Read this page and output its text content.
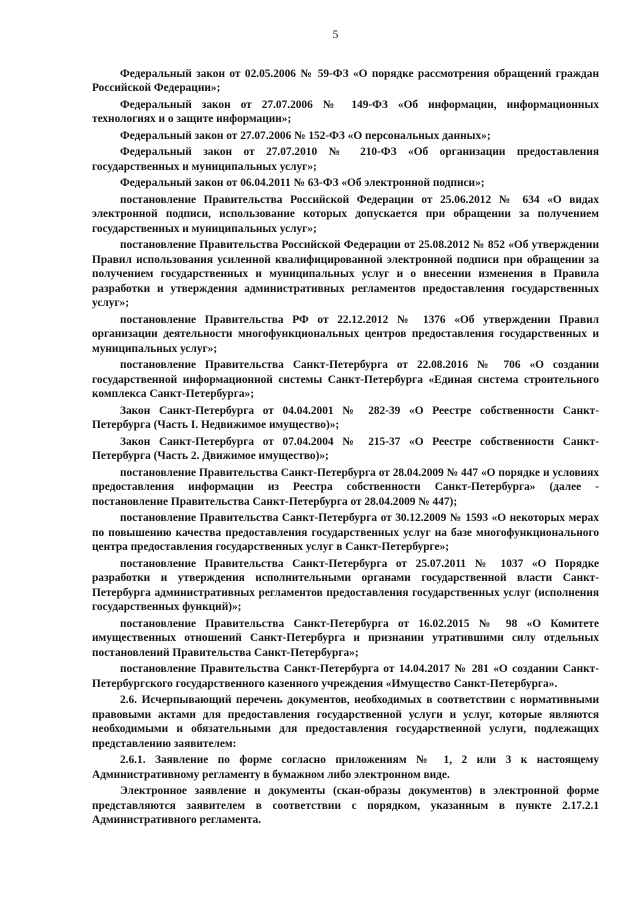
5

Федеральный закон от 02.05.2006 № 59-ФЗ «О порядке рассмотрения обращений граждан Российской Федерации»;

Федеральный закон от 27.07.2006 № 149-ФЗ «Об информации, информационных технологиях и о защите информации»;

Федеральный закон от 27.07.2006 № 152-ФЗ «О персональных данных»;

Федеральный закон от 27.07.2010 № 210-ФЗ «Об организации предоставления государственных и муниципальных услуг»;

Федеральный закон от 06.04.2011 № 63-ФЗ «Об электронной подписи»;

постановление Правительства Российской Федерации от 25.06.2012 № 634 «О видах электронной подписи, использование которых допускается при обращении за получением государственных и муниципальных услуг»;

постановление Правительства Российской Федерации от 25.08.2012 № 852 «Об утверждении Правил использования усиленной квалифицированной электронной подписи при обращении за получением государственных и муниципальных услуг и о внесении изменения в Правила разработки и утверждения административных регламентов предоставления государственных услуг»;

постановление Правительства РФ от 22.12.2012 № 1376 «Об утверждении Правил организации деятельности многофункциональных центров предоставления государственных и муниципальных услуг»;

постановление Правительства Санкт-Петербурга от 22.08.2016 № 706 «О создании государственной информационной системы Санкт-Петербурга «Единая система строительного комплекса Санкт-Петербурга»;

Закон Санкт-Петербурга от 04.04.2001 № 282-39 «О Реестре собственности Санкт-Петербурга (Часть I. Недвижимое имущество)»;

Закон Санкт-Петербурга от 07.04.2004 № 215-37 «О Реестре собственности Санкт-Петербурга (Часть 2. Движимое имущество)»;

постановление Правительства Санкт-Петербурга от 28.04.2009 № 447 «О порядке и условиях предоставления информации из Реестра собственности Санкт-Петербурга» (далее - постановление Правительства Санкт-Петербурга от 28.04.2009 № 447);

постановление Правительства Санкт-Петербурга от 30.12.2009 № 1593 «О некоторых мерах по повышению качества предоставления государственных услуг на базе многофункционального центра предоставления государственных услуг в Санкт-Петербурге»;

постановление Правительства Санкт-Петербурга от 25.07.2011 № 1037 «О Порядке разработки и утверждения исполнительными органами государственной власти Санкт-Петербурга административных регламентов предоставления государственных услуг (исполнения государственных функций)»;

постановление Правительства Санкт-Петербурга от 16.02.2015 № 98 «О Комитете имущественных отношений Санкт-Петербурга и признании утратившими силу отдельных постановлений Правительства Санкт-Петербурга»;

постановление Правительства Санкт-Петербурга от 14.04.2017 № 281 «О создании Санкт-Петербургского государственного казенного учреждения «Имущество Санкт-Петербурга».

2.6. Исчерпывающий перечень документов, необходимых в соответствии с нормативными правовыми актами для предоставления государственной услуги и услуг, которые являются необходимыми и обязательными для предоставления государственной услуги, подлежащих представлению заявителем:

2.6.1. Заявление по форме согласно приложениям № 1, 2 или 3 к настоящему Административному регламенту в бумажном либо электронном виде.

Электронное заявление и документы (скан-образы документов) в электронной форме представляются заявителем в соответствии с порядком, указанным в пункте 2.17.2.1 Административного регламента.
